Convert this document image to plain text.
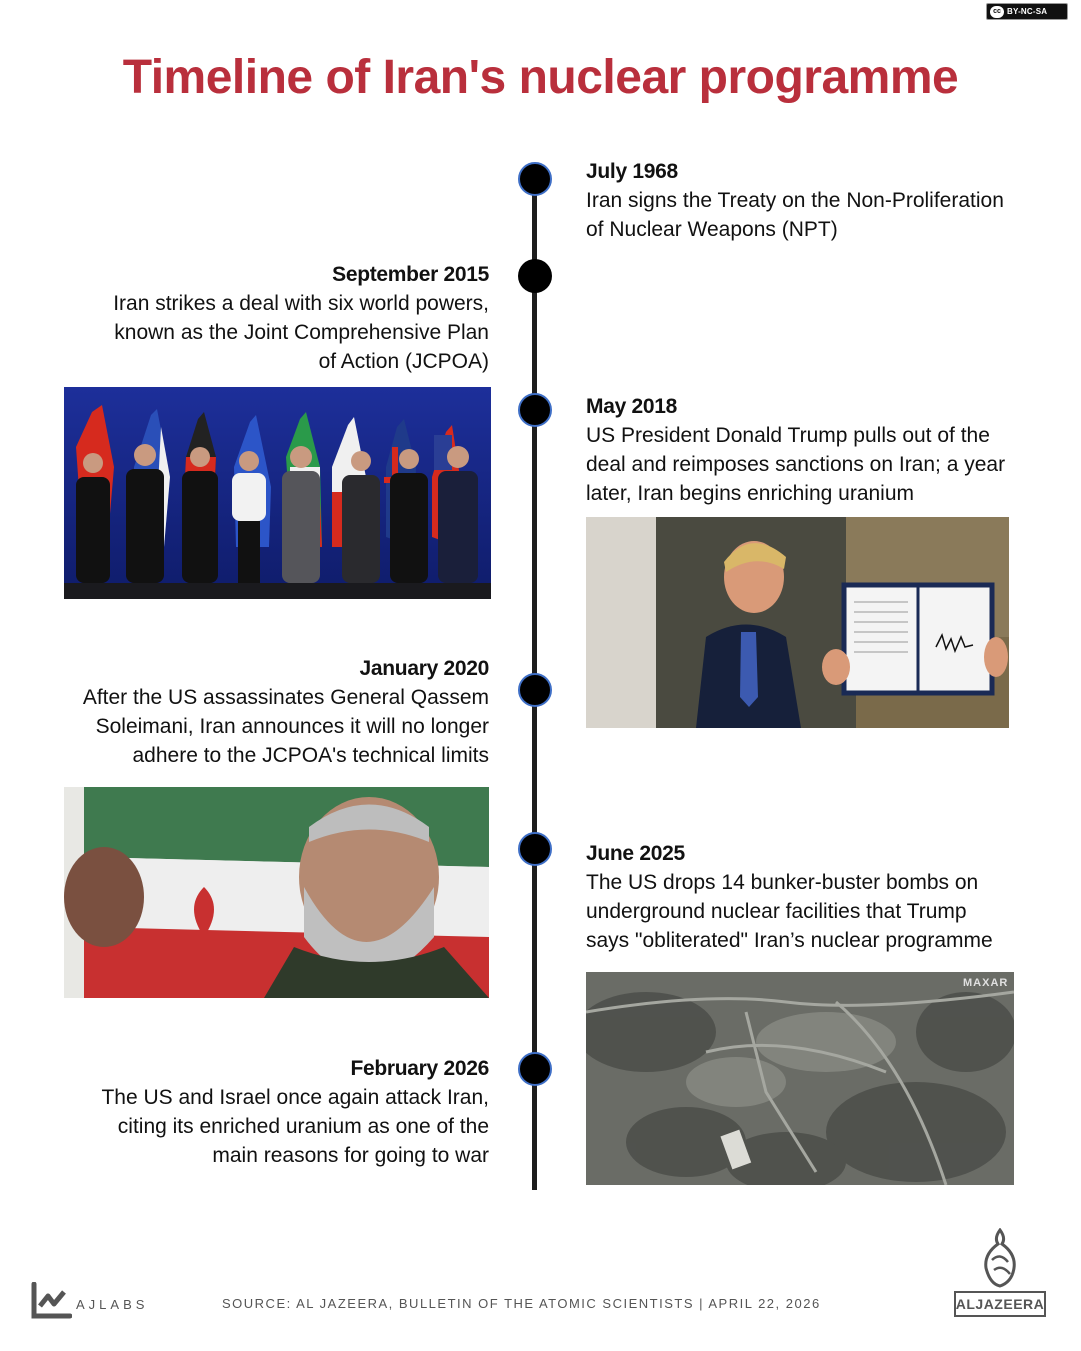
cc BY-NC-SA
Timeline of Iran's nuclear programme
July 1968
Iran signs the Treaty on the Non-Proliferation
of Nuclear Weapons (NPT)
September 2015
Iran strikes a deal with six world powers,
known as the Joint Comprehensive Plan
of Action (JCPOA)
May 2018
US President Donald Trump pulls out of the
deal and reimposes sanctions on Iran; a year
later, Iran begins enriching uranium
January 2020
After the US assassinates General Qassem
Soleimani, Iran announces it will no longer
adhere to the JCPOA's technical limits
June 2025
The US drops 14 bunker-buster bombs on
underground nuclear facilities that Trump
says "obliterated" Iran’s nuclear programme
February 2026
The US and Israel once again attack Iran,
citing its enriched uranium as one of the
main reasons for going to war
MAXAR
AJLABS	SOURCE: AL JAZEERA, BULLETIN OF THE ATOMIC SCIENTISTS | APRIL 22, 2026	ALJAZEERA
